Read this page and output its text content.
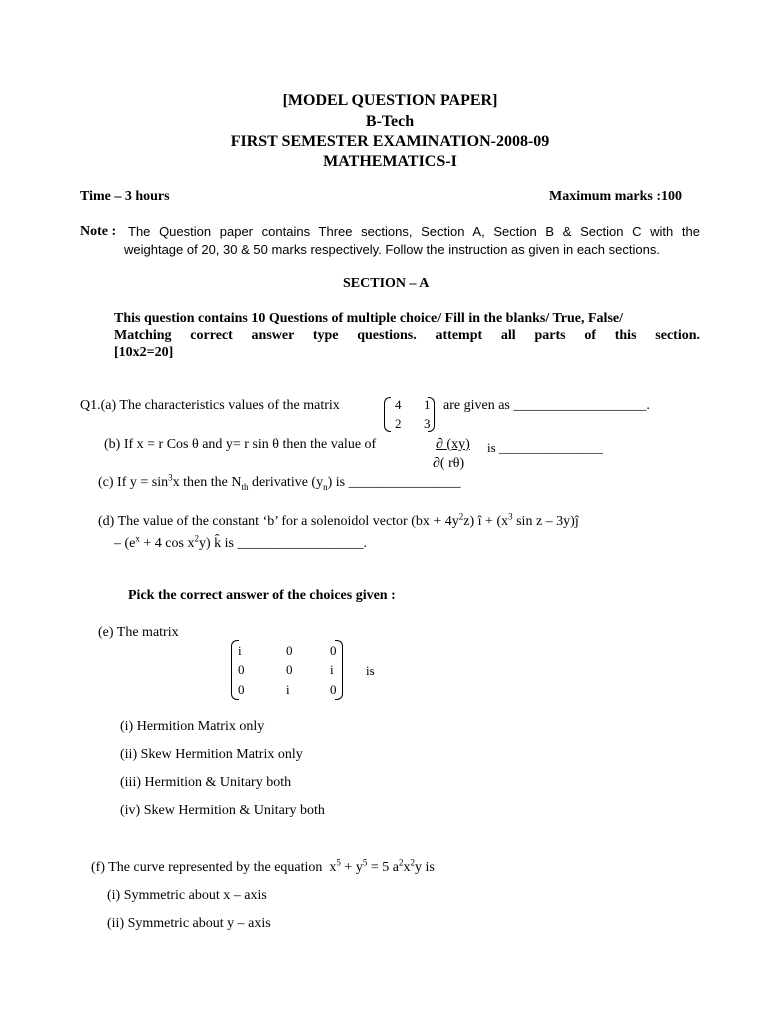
[MODEL QUESTION PAPER]
B-Tech
FIRST SEMESTER EXAMINATION-2008-09
MATHEMATICS-I
Time – 3 hours	Maximum marks :100
Note : The Question paper contains Three sections, Section A, Section B & Section C with the
weightage of 20, 30 & 50 marks respectively. Follow the instruction as given in each sections.
SECTION – A
This question contains 10 Questions of multiple choice/ Fill in the blanks/ True, False/
Matching correct answer type questions. attempt all parts of this section.
[10x2=20]
Q1.(a) The characteristics values of the matrix	4 1
2 3
are given as ___________________.
(b) If x = r Cos θ and y= r sin θ then the value of	∂ (xy)
∂( rθ)
is ________________
(c) If $y = \sin^3x$ then the $N_{th}$ derivative $(y_n)$ is ________________
(d) The value of the constant ‘b’ for a solenoidol vector $(bx + 4y^2z)$ î + ($x^3$ sin z – 3y)ĵ
– ($e^x + 4$ $\cos x^2y$) k̂ is __________________.
Pick the correct answer of the choices given :
(e) The matrix
i	0	0
0	0	i
0	i	0
is
(i) Hermition Matrix only
(ii) Skew Hermition Matrix only
(iii) Hermition & Unitary both
(iv) Skew Hermition & Unitary both
(f) The curve represented by the equation $x^5 + y^5 = 5$ $a^2x^2y$ is
(i) Symmetric about x – axis
(ii) Symmetric about y – axis
